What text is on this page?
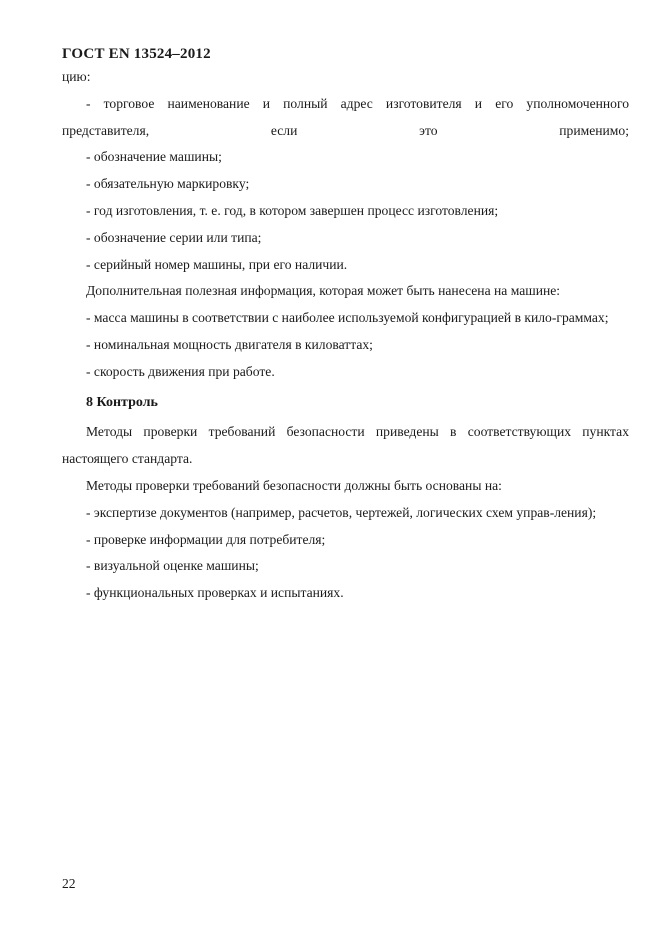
ГОСТ EN 13524–2012

цию:

- торговое наименование и полный адрес изготовителя и его уполномоченного представителя, если это применимо;

- обозначение машины;

- обязательную маркировку;

- год изготовления, т. е. год, в котором завершен процесс изготовления;

- обозначение серии или типа;

- серийный номер машины, при его наличии.

Дополнительная полезная информация, которая может быть нанесена на машине:

- масса машины в соответствии с наиболее используемой конфигурацией в кило-граммах;

- номинальная мощность двигателя в киловаттах;

- скорость движения при работе.

8 Контроль

Методы проверки требований безопасности приведены в соответствующих пунктах настоящего стандарта.

Методы проверки требований безопасности должны быть основаны на:

- экспертизе документов (например, расчетов, чертежей, логических схем управ-ления);

- проверке информации для потребителя;

- визуальной оценке машины;

- функциональных проверках и испытаниях.

22
